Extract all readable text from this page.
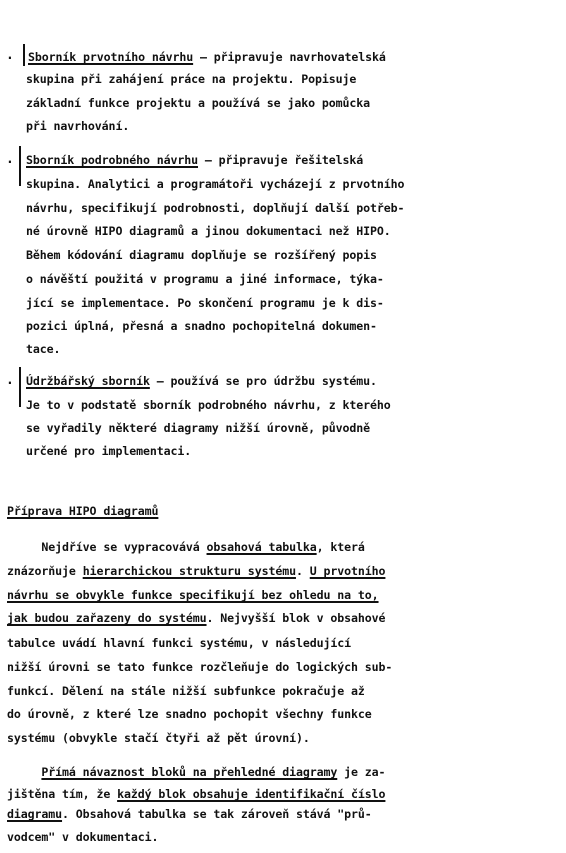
. Sborník prvotního návrhu – připravuje navrhovatelská
skupina při zahájení práce na projektu. Popisuje
základní funkce projektu a používá se jako pomůcka
při navrhování.
. Sborník podrobného návrhu – připravuje řešitelská
skupina. Analytici a programátoři vycházejí z prvotního
návrhu, specifikují podrobnosti, doplňují další potřeb-
né úrovně HIPO diagramů a jinou dokumentaci než HIPO.
Během kódování diagramu doplňuje se rozšířený popis
o návěští použitá v programu a jiné informace, týka-
jící se implementace. Po skončení programu je k dis-
pozici úplná, přesná a snadno pochopitelná dokumen-
tace.
. Údržbářský sborník – používá se pro údržbu systému.
Je to v podstatě sborník podrobného návrhu, z kterého
se vyřadily některé diagramy nižší úrovně, původně
určené pro implementaci.
Příprava HIPO diagramů
Nejdříve se vypracovává obsahová tabulka, která
znázorňuje hierarchickou strukturu systému. U prvotního
návrhu se obvykle funkce specifikují bez ohledu na to,
jak budou zařazeny do systému. Nejvyšší blok v obsahové
tabulce uvádí hlavní funkci systému, v následující
nižší úrovni se tato funkce rozčleňuje do logických sub-
funkcí. Dělení na stále nižší subfunkce pokračuje až
do úrovně, z které lze snadno pochopit všechny funkce
systému (obvykle stačí čtyři až pět úrovní).
Přímá návaznost bloků na přehledné diagramy je za-
jištěna tím, že každý blok obsahuje identifikační číslo
diagramu. Obsahová tabulka se tak zároveň stává "prů-
vodcem" v dokumentaci.
